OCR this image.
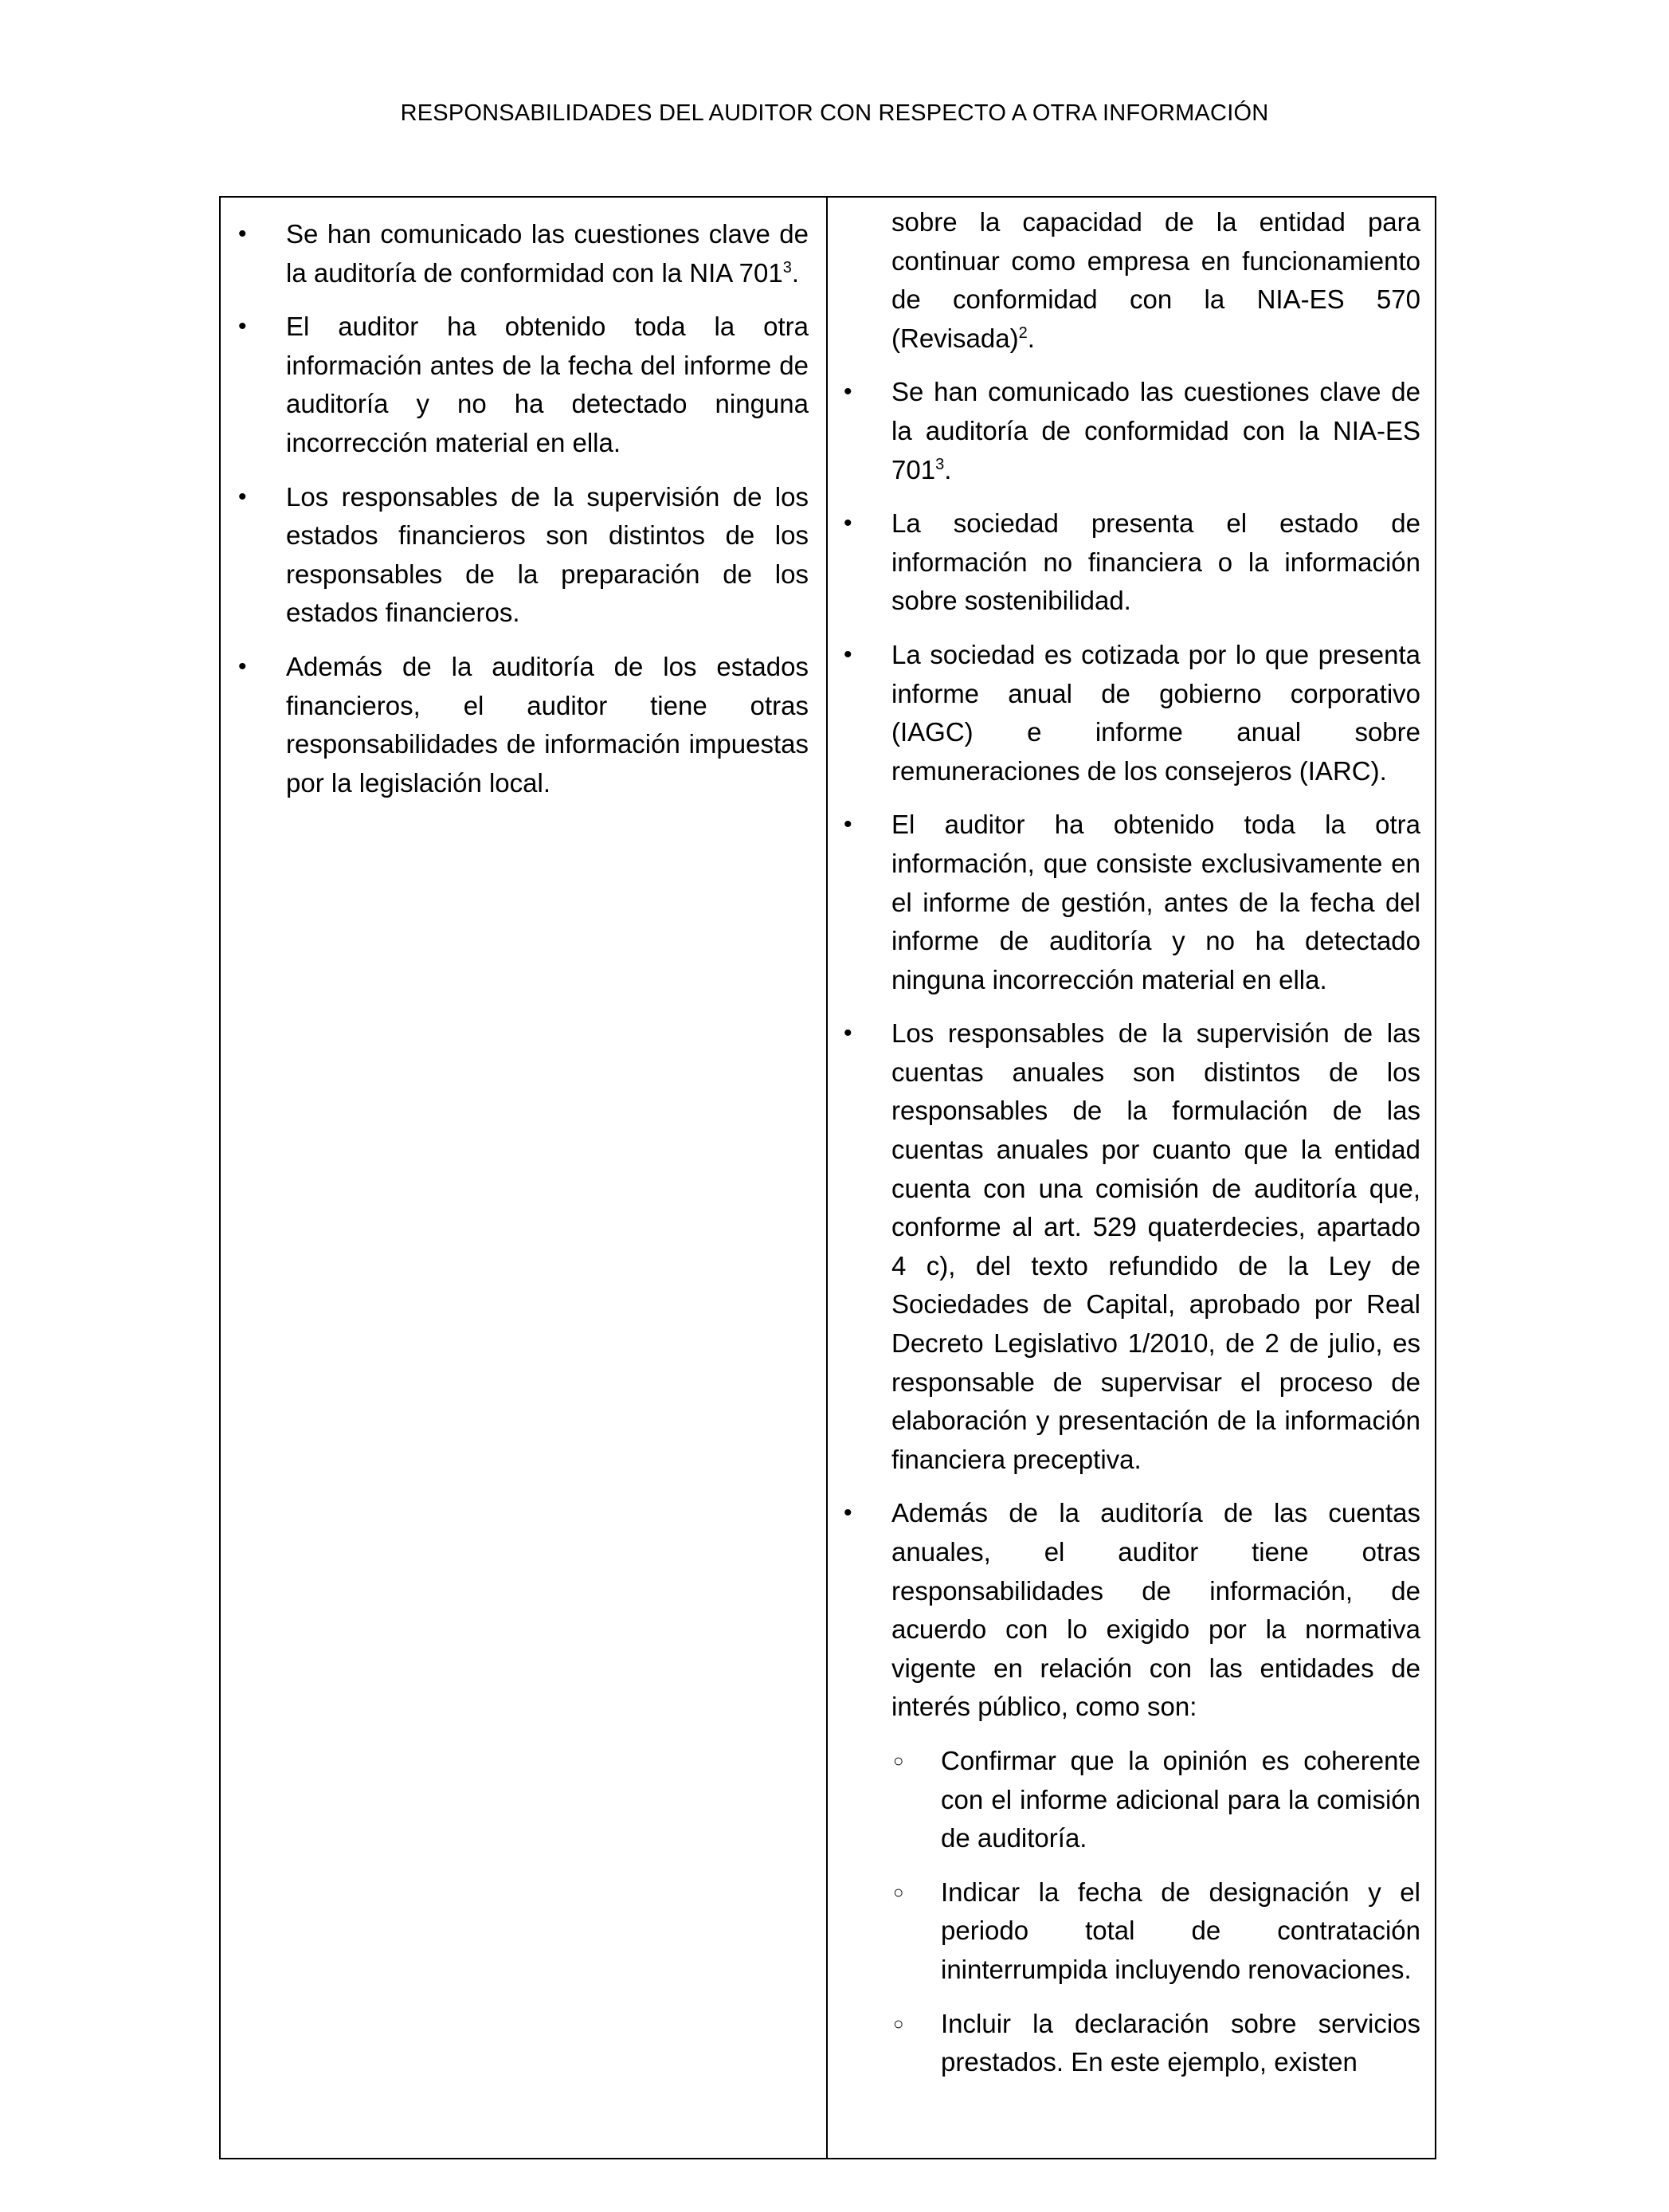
RESPONSABILIDADES DEL AUDITOR CON RESPECTO A OTRA INFORMACIÓN
• Se han comunicado las cuestiones clave de la auditoría de conformidad con la NIA $701^3$.
• El auditor ha obtenido toda la otra información antes de la fecha del informe de auditoría y no ha detectado ninguna incorrección material en ella.
• Los responsables de la supervisión de los estados financieros son distintos de los responsables de la preparación de los estados financieros.
• Además de la auditoría de los estados financieros, el auditor tiene otras responsabilidades de información impuestas por la legislación local.
sobre la capacidad de la entidad para continuar como empresa en funcionamiento de conformidad con la NIA-ES 570 (Revisada)$^2$.
• Se han comunicado las cuestiones clave de la auditoría de conformidad con la NIA-ES $701^3$.
• La sociedad presenta el estado de información no financiera o la información sobre sostenibilidad.
• La sociedad es cotizada por lo que presenta informe anual de gobierno corporativo (IAGC) e informe anual sobre remuneraciones de los consejeros (IARC).
• El auditor ha obtenido toda la otra información, que consiste exclusivamente en el informe de gestión, antes de la fecha del informe de auditoría y no ha detectado ninguna incorrección material en ella.
• Los responsables de la supervisión de las cuentas anuales son distintos de los responsables de la formulación de las cuentas anuales por cuanto que la entidad cuenta con una comisión de auditoría que, conforme al art. 529 quaterdecies, apartado 4 c), del texto refundido de la Ley de Sociedades de Capital, aprobado por Real Decreto Legislativo 1/2010, de 2 de julio, es responsable de supervisar el proceso de elaboración y presentación de la información financiera preceptiva.
• Además de la auditoría de las cuentas anuales, el auditor tiene otras responsabilidades de información, de acuerdo con lo exigido por la normativa vigente en relación con las entidades de interés público, como son:
○ Confirmar que la opinión es coherente con el informe adicional para la comisión de auditoría.
○ Indicar la fecha de designación y el periodo total de contratación ininterrumpida incluyendo renovaciones.
○ Incluir la declaración sobre servicios prestados. En este ejemplo, existen
